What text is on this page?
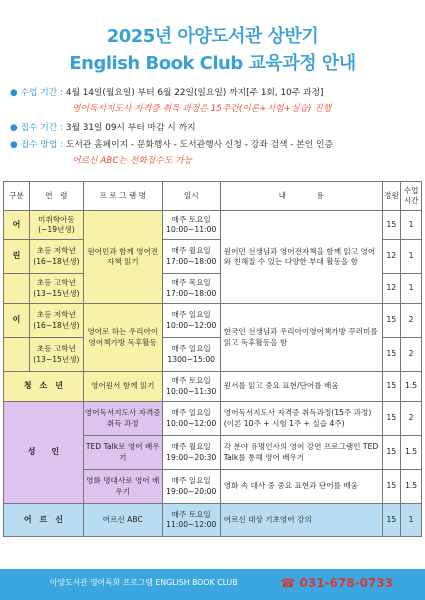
2025년 아양도서관 상반기
English Book Club 교육과정 안내
● 수업 기간 : 4월 14일(월요일) 부터 6월 22일(일요일) 까지[주 1회, 10주 과정]
영어독서지도사 자격증 취득 과정은 15주간(이론+시험+실습) 진행
● 접수 기간 : 3월 31일 09시 부터 마감 시 까지
● 접수 방법 : 도서관 홈페이지 - 문화행사 - 도서관행사 신청 - 강좌 검색 - 본인 인증
어르신 ABC는 전화접수도 가능
구분	연　령	프 로 그 램 명	일시	내　　　　용	정원	수업 시간
어	미취학아동 (~19년생)	원어민과 함께 영어전자책 읽기	매주 토요일 10:00~11:00	원어민 선생님과 영어전자책을 함께 읽고 영어와 친해질 수 있는 다양한 부대 활동을 함	15	1
린	초등 저학년 (16~18년생)		매주 월요일 17:00~18:00		12	1
	초등 고학년 (13~15년생)		매주 목요일 17:00~18:00		12	1
이	초등 저학년 (16~18년생)	영어로 하는 우리아이영어책가방 독후활동	매주 일요일 10:00~12:00	한국인 선생님과 우리아이영어책가방 꾸러미를 읽고 독후활동을 함	15	2
	초등 고학년 (13~15년생)		매주 일요일 1300~15:00		15	2
청　소　년		영어원서 함께 읽기	매주 토요일 10:00~11:30	원서를 읽고 중요 표현/단어를 배움	15	1.5
성　　인		영어독서지도사 자격증 취득 과정	매주 일요일 10:00~12:00	영어독서지도사 자격증 취득과정(15주 과정) (이론 10주 + 시험 1주 + 실습 4주)	15	2
		TED Talk로 영어 배우기	매주 월요일 19:00~20:30	각 분야 유명인사의 영어 강연 프로그램인 TED Talk를 통해 영어 배우기	15	1.5
		영화 명대사로 영어 배우기	매주 일요일 19:00~20:00	영화 속 대사 중 중요 표현과 단어를 배움	15	1.5
어　르　신		어르신 ABC	매주 토요일 11:00~12:00	어르신 대상 기초영어 강의	15	1
아양도서관 영어독화 프로그램 ENGLISH BOOK CLUB	☎ 031-678-0733
